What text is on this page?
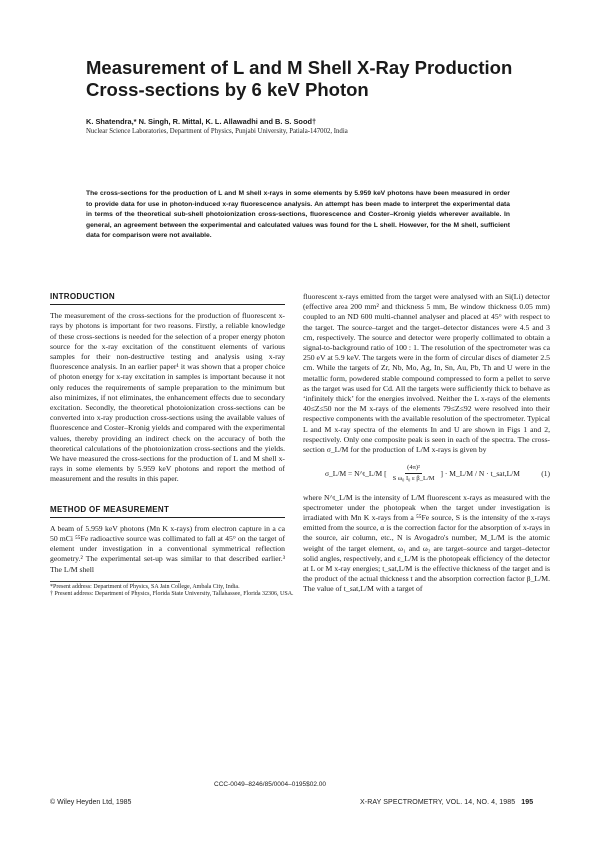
Measurement of L and M Shell X-Ray Production Cross-sections by 6 keV Photon

K. Shatendra,* N. Singh, R. Mittal, K. L. Allawadhi and B. S. Sood†

Nuclear Science Laboratories, Department of Physics, Punjabi University, Patiala-147002, India

The cross-sections for the production of L and M shell x-rays in some elements by 5.959 keV photons have been measured in order to provide data for use in photon-induced x-ray fluorescence analysis. An attempt has been made to interpret the experimental data in terms of the theoretical sub-shell photoionization cross-sections, fluorescence and Coster–Kronig yields wherever available. In general, an agreement between the experimental and calculated values was found for the L shell. However, for the M shell, sufficient data for comparison were not available.

INTRODUCTION

The measurement of the cross-sections for the production of fluorescent x-rays by photons is important for two reasons. Firstly, a reliable knowledge of these cross-sections is needed for the selection of a proper energy photon source for the x-ray excitation of the constituent elements of various samples for their non-destructive testing and analysis using x-ray fluorescence analysis. In an earlier paper¹ it was shown that a proper choice of photon energy for x-ray excitation in samples is important because it not only reduces the requirements of sample preparation to the minimum but also minimizes, if not eliminates, the enhancement effects due to secondary excitation. Secondly, the theoretical photoionization cross-sections can be converted into x-ray production cross-sections using the available values of fluorescence and Coster–Kronig yields and compared with the experimental values, thereby providing an indirect check on the accuracy of both the theoretical calculations of the photoionization cross-sections and the yields. We have measured the cross-sections for the production of L and M shell x-rays in some elements by 5.959 keV photons and report the method of measurement and the results in this paper.

METHOD OF MEASUREMENT

A beam of 5.959 keV photons (Mn K x-rays) from electron capture in a ca 50 mCi ⁵⁵Fe radioactive source was collimated to fall at 45° on the target of element under investigation in a conventional symmetrical reflection geometry.² The experimental set-up was similar to that described earlier.³ The L/M shell

*Present address: Department of Physics, SA Jain College, Ambala City, India.

† Present address: Department of Physics, Florida State University, Tallahassee, Florida 32306, USA.

fluorescent x-rays emitted from the target were analysed with an Si(Li) detector (effective area 200 mm² and thickness 5 mm, Be window thickness 0.05 mm) coupled to an ND 600 multi-channel analyser and placed at 45° with respect to the target. The source–target and the target–detector distances were 4.5 and 3 cm, respectively. The source and detector were properly collimated to obtain a signal-to-background ratio of 100 : 1. The resolution of the spectrometer was ca 250 eV at 5.9 keV. The targets were in the form of circular discs of diameter 2.5 cm. While the targets of Zr, Nb, Mo, Ag, In, Sn, Au, Pb, Th and U were in the metallic form, powdered stable compound compressed to form a pellet to serve as the target was used for Cd. All the targets were sufficiently thick to behave as ‘infinitely thick’ for the energies involved. Neither the L x-rays of the elements 40≤Z≤50 nor the M x-rays of the elements 79≤Z≤92 were resolved into their respective components with the available resolution of the spectrometer. Typical L and M x-ray spectra of the elements In and U are shown in Figs 1 and 2, respectively. Only one composite peak is seen in each of the spectra. The cross-section σ_L/M for the production of L/M x-rays is given by

σ_L/M = N^t_L/M [ $\frac{\text{(4π)²}}{\text{S ω₀ I₀ ε β\_L/M}}$ ] · M_L/M / N · t_sat,L/M	(1)

where N^t_L/M is the intensity of L/M fluorescent x-rays as measured with the spectrometer under the photopeak when the target under investigation is irradiated with Mn K x-rays from a ⁵⁵Fe source, S is the intensity of the x-rays emitted from the source, α is the correction factor for the absorption of x-rays in the source, air column, etc., N is Avogadro's number, M_L/M is the atomic weight of the target element, ω₁ and ω₂ are target–source and target–detector solid angles, respectively, and ε_L/M is the photopeak efficiency of the detector at L or M x-ray energies; t_sat,L/M is the effective thickness of the target and is the product of the actual thickness t and the absorption correction factor β_L/M. The value of t_sat,L/M with a target of

CCC-0049–8246/85/0004–0195$02.00
© Wiley Heyden Ltd, 1985	X-RAY SPECTROMETRY, VOL. 14, NO. 4, 1985 195
